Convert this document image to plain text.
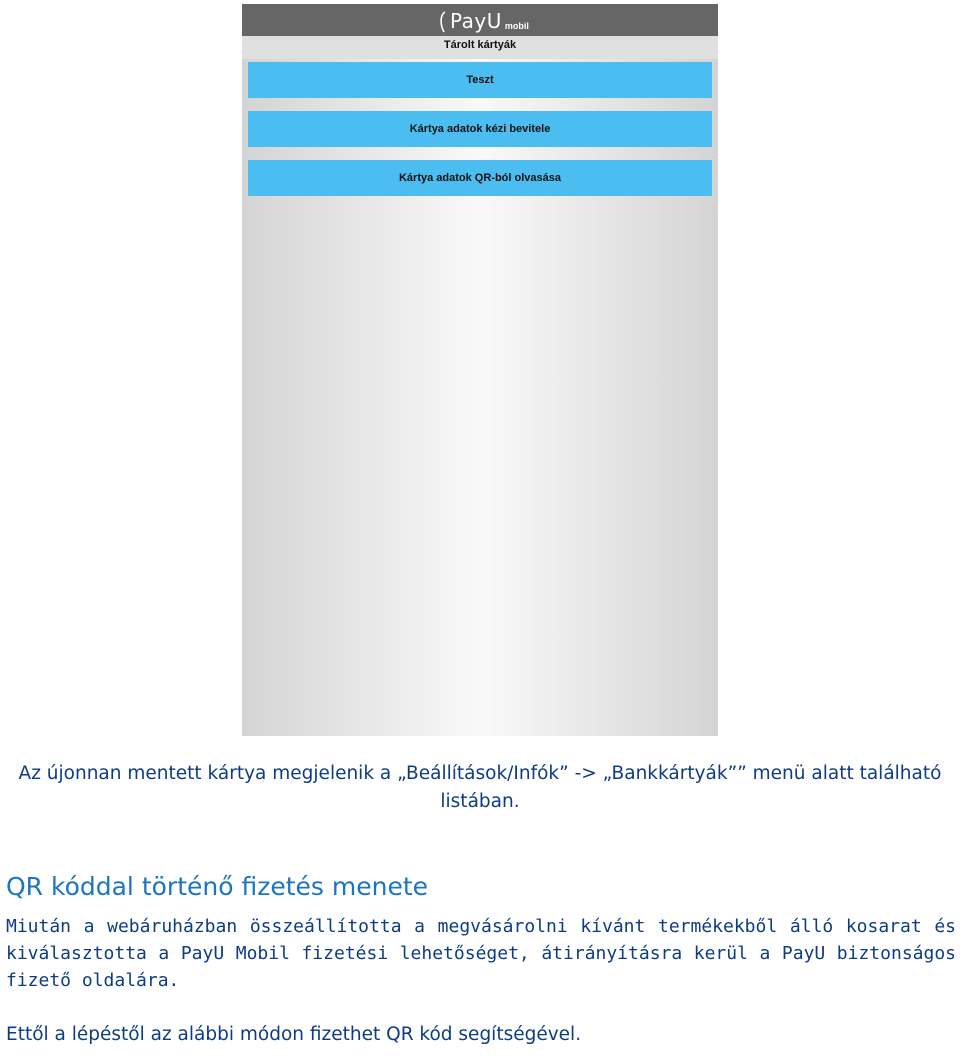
PayU mobil
Tárolt kártyák
Teszt
Kártya adatok kézi bevitele
Kártya adatok QR-ból olvasása
Az újonnan mentett kártya megjelenik a „Beállítások/Infók” -> „Bankkártyák”” menü alatt található listában.
QR kóddal történő fizetés menete

Miután a webáruházban összeállította a megvásárolni kívánt termékekből álló kosarat és kiválasztotta a PayU Mobil fizetési lehetőséget, átirányításra kerül a PayU biztonságos fizető oldalára.

Ettől a lépéstől az alábbi módon fizethet QR kód segítségével.
